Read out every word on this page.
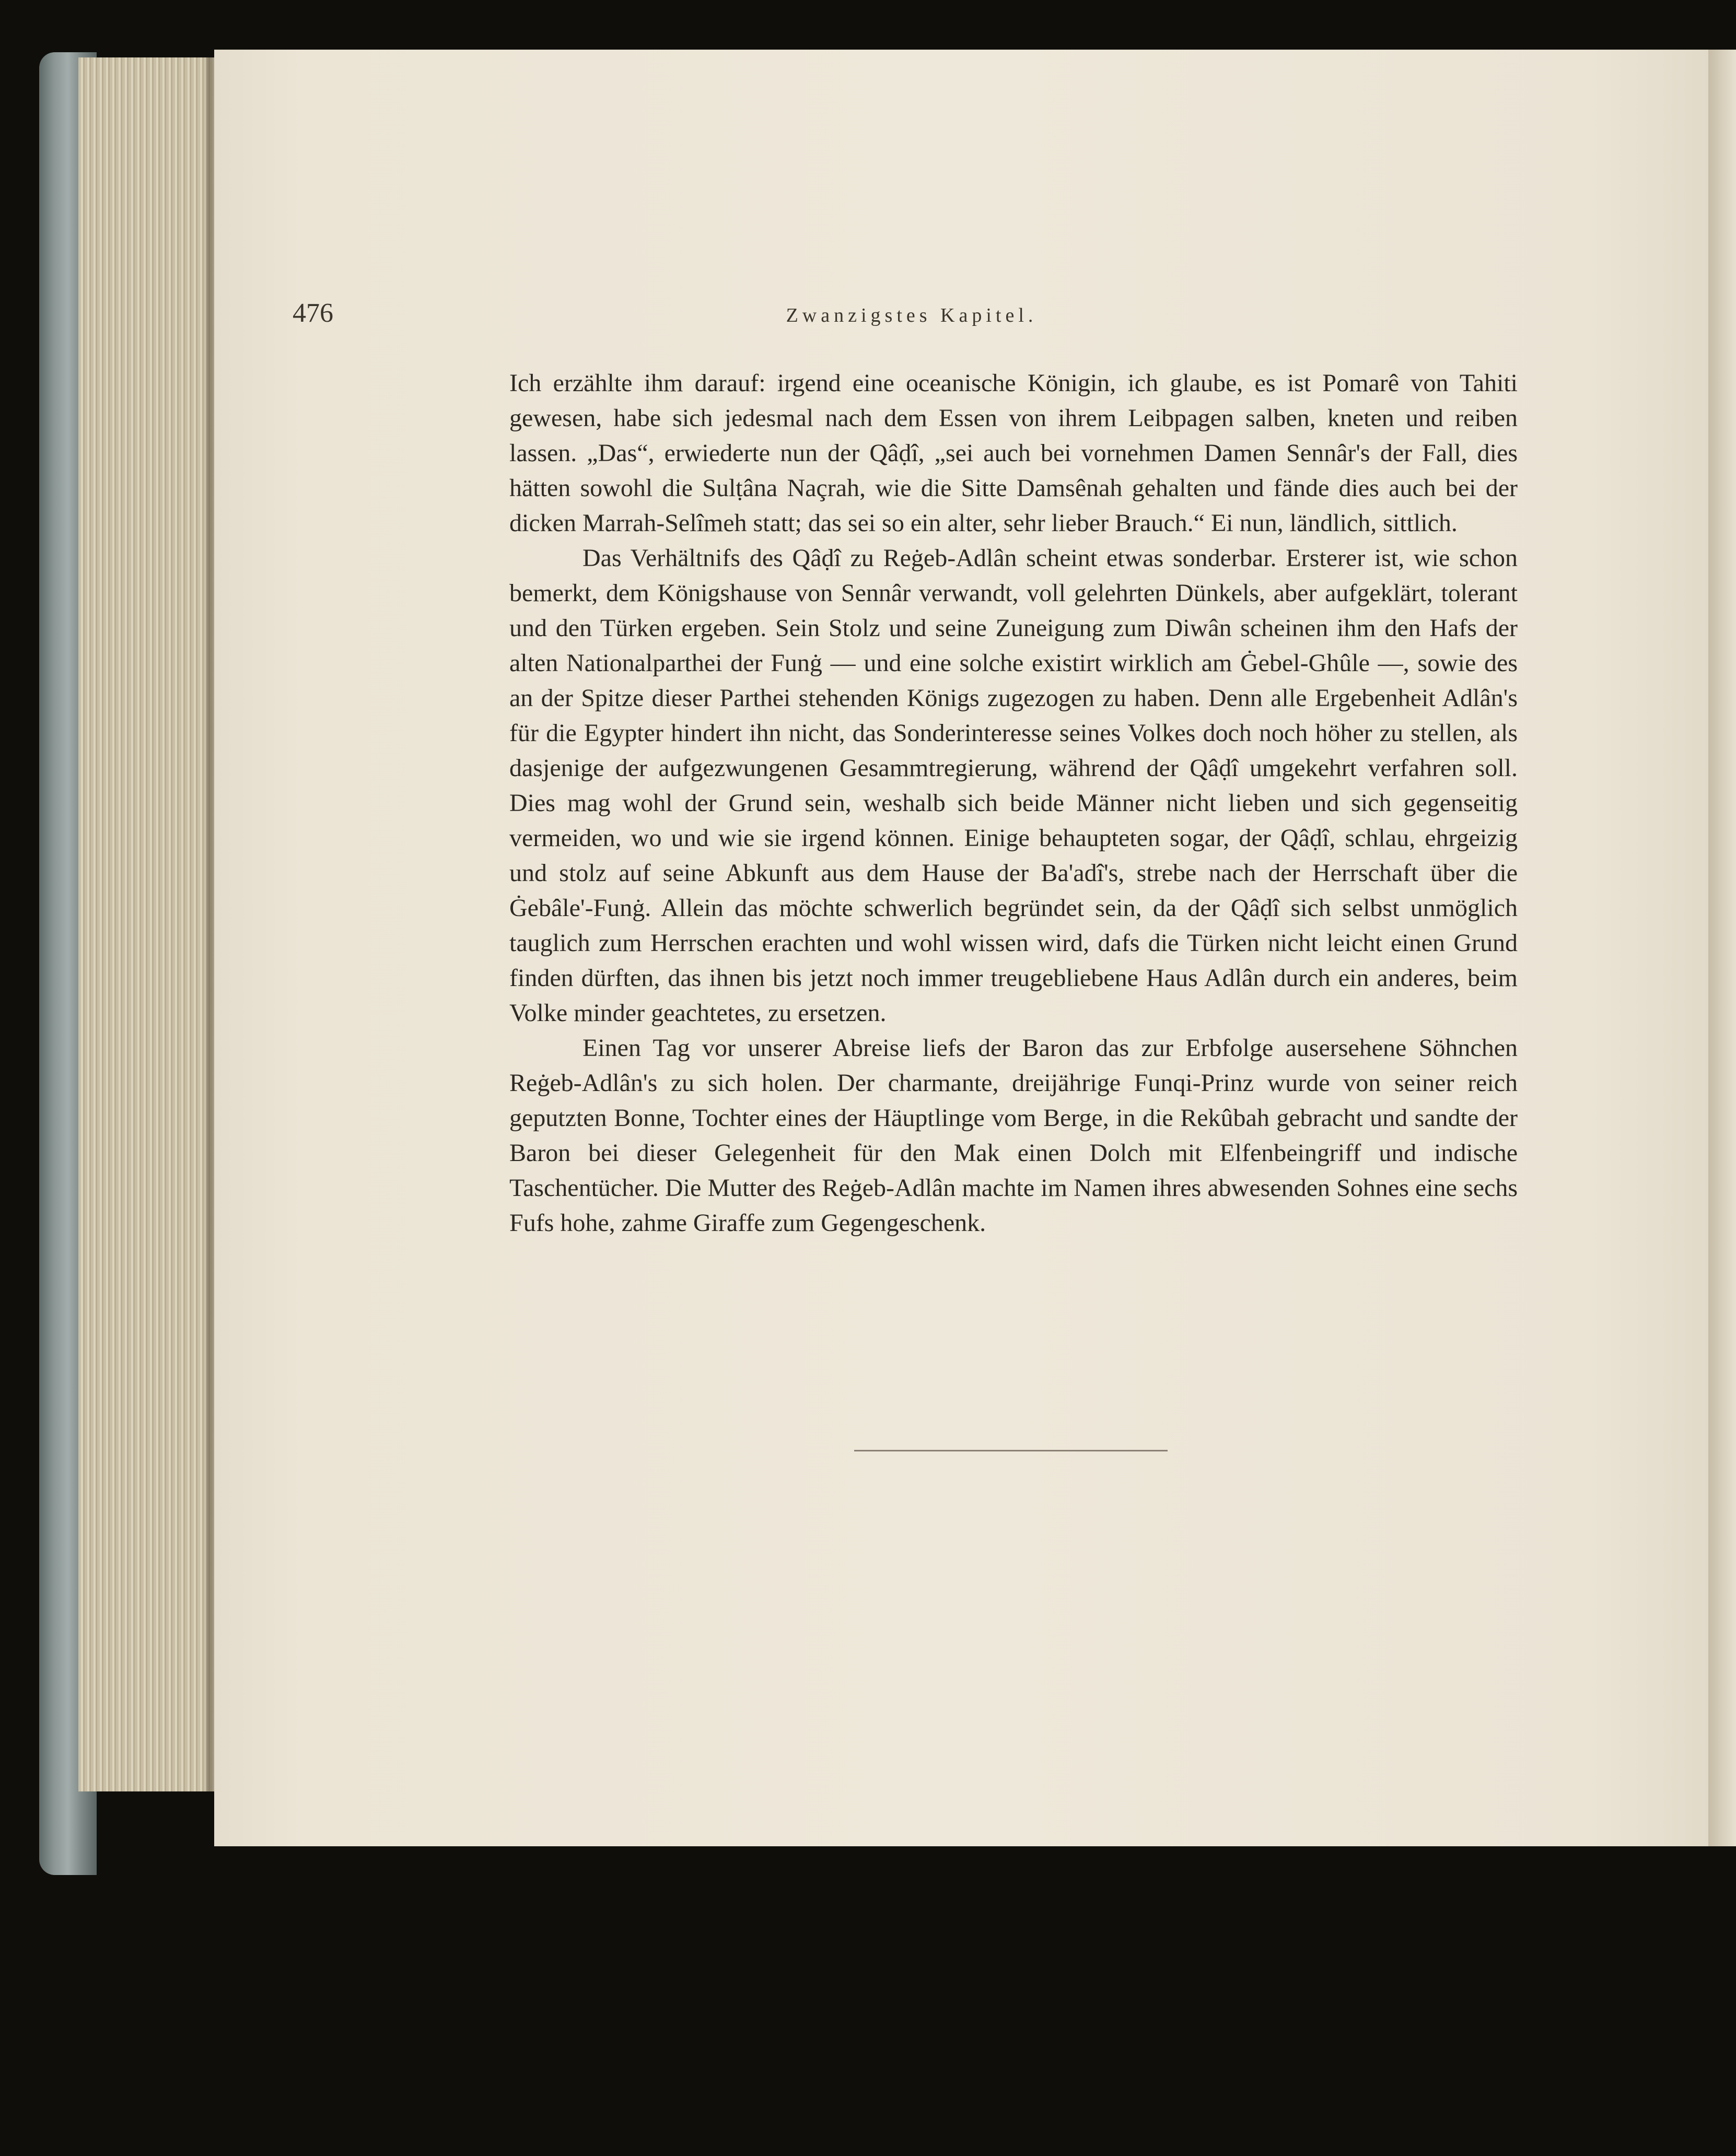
476	Zwanzigstes Kapitel.

Ich erzählte ihm darauf: irgend eine oceanische Königin, ich glaube, es ist Pomarê von Tahiti gewesen, habe sich jedesmal nach dem Essen von ihrem Leibpagen salben, kneten und reiben lassen. „Das“, erwiederte nun der Qâḍî, „sei auch bei vornehmen Damen Sennâr's der Fall, dies hätten sowohl die Sulṭâna Naçrah, wie die Sitte Damsênah gehalten und fände dies auch bei der dicken Marrah-Selîmeh statt; das sei so ein alter, sehr lieber Brauch.“ Ei nun, ländlich, sittlich.

Das Verhältnifs des Qâḍî zu Reġeb-Adlân scheint etwas sonderbar. Ersterer ist, wie schon bemerkt, dem Königshause von Sennâr verwandt, voll gelehrten Dünkels, aber aufgeklärt, tolerant und den Türken ergeben. Sein Stolz und seine Zuneigung zum Diwân scheinen ihm den Hafs der alten Nationalparthei der Funġ — und eine solche existirt wirklich am Ġebel-Ghûle —, sowie des an der Spitze dieser Parthei stehenden Königs zugezogen zu haben. Denn alle Ergebenheit Adlân's für die Egypter hindert ihn nicht, das Sonderinteresse seines Volkes doch noch höher zu stellen, als dasjenige der aufgezwungenen Gesammtregierung, während der Qâḍî umgekehrt verfahren soll. Dies mag wohl der Grund sein, weshalb sich beide Männer nicht lieben und sich gegenseitig vermeiden, wo und wie sie irgend können. Einige behaupteten sogar, der Qâḍî, schlau, ehrgeizig und stolz auf seine Abkunft aus dem Hause der Ba'adî's, strebe nach der Herrschaft über die Ġebâle'-Funġ. Allein das möchte schwerlich begründet sein, da der Qâḍî sich selbst unmöglich tauglich zum Herrschen erachten und wohl wissen wird, dafs die Türken nicht leicht einen Grund finden dürften, das ihnen bis jetzt noch immer treugebliebene Haus Adlân durch ein anderes, beim Volke minder geachtetes, zu ersetzen.

Einen Tag vor unserer Abreise liefs der Baron das zur Erbfolge ausersehene Söhnchen Reġeb-Adlân's zu sich holen. Der charmante, dreijährige Funqi-Prinz wurde von seiner reich geputzten Bonne, Tochter eines der Häuptlinge vom Berge, in die Rekûbah gebracht und sandte der Baron bei dieser Gelegenheit für den Mak einen Dolch mit Elfenbeingriff und indische Taschentücher. Die Mutter des Reġeb-Adlân machte im Namen ihres abwesenden Sohnes eine sechs Fufs hohe, zahme Giraffe zum Gegengeschenk.
